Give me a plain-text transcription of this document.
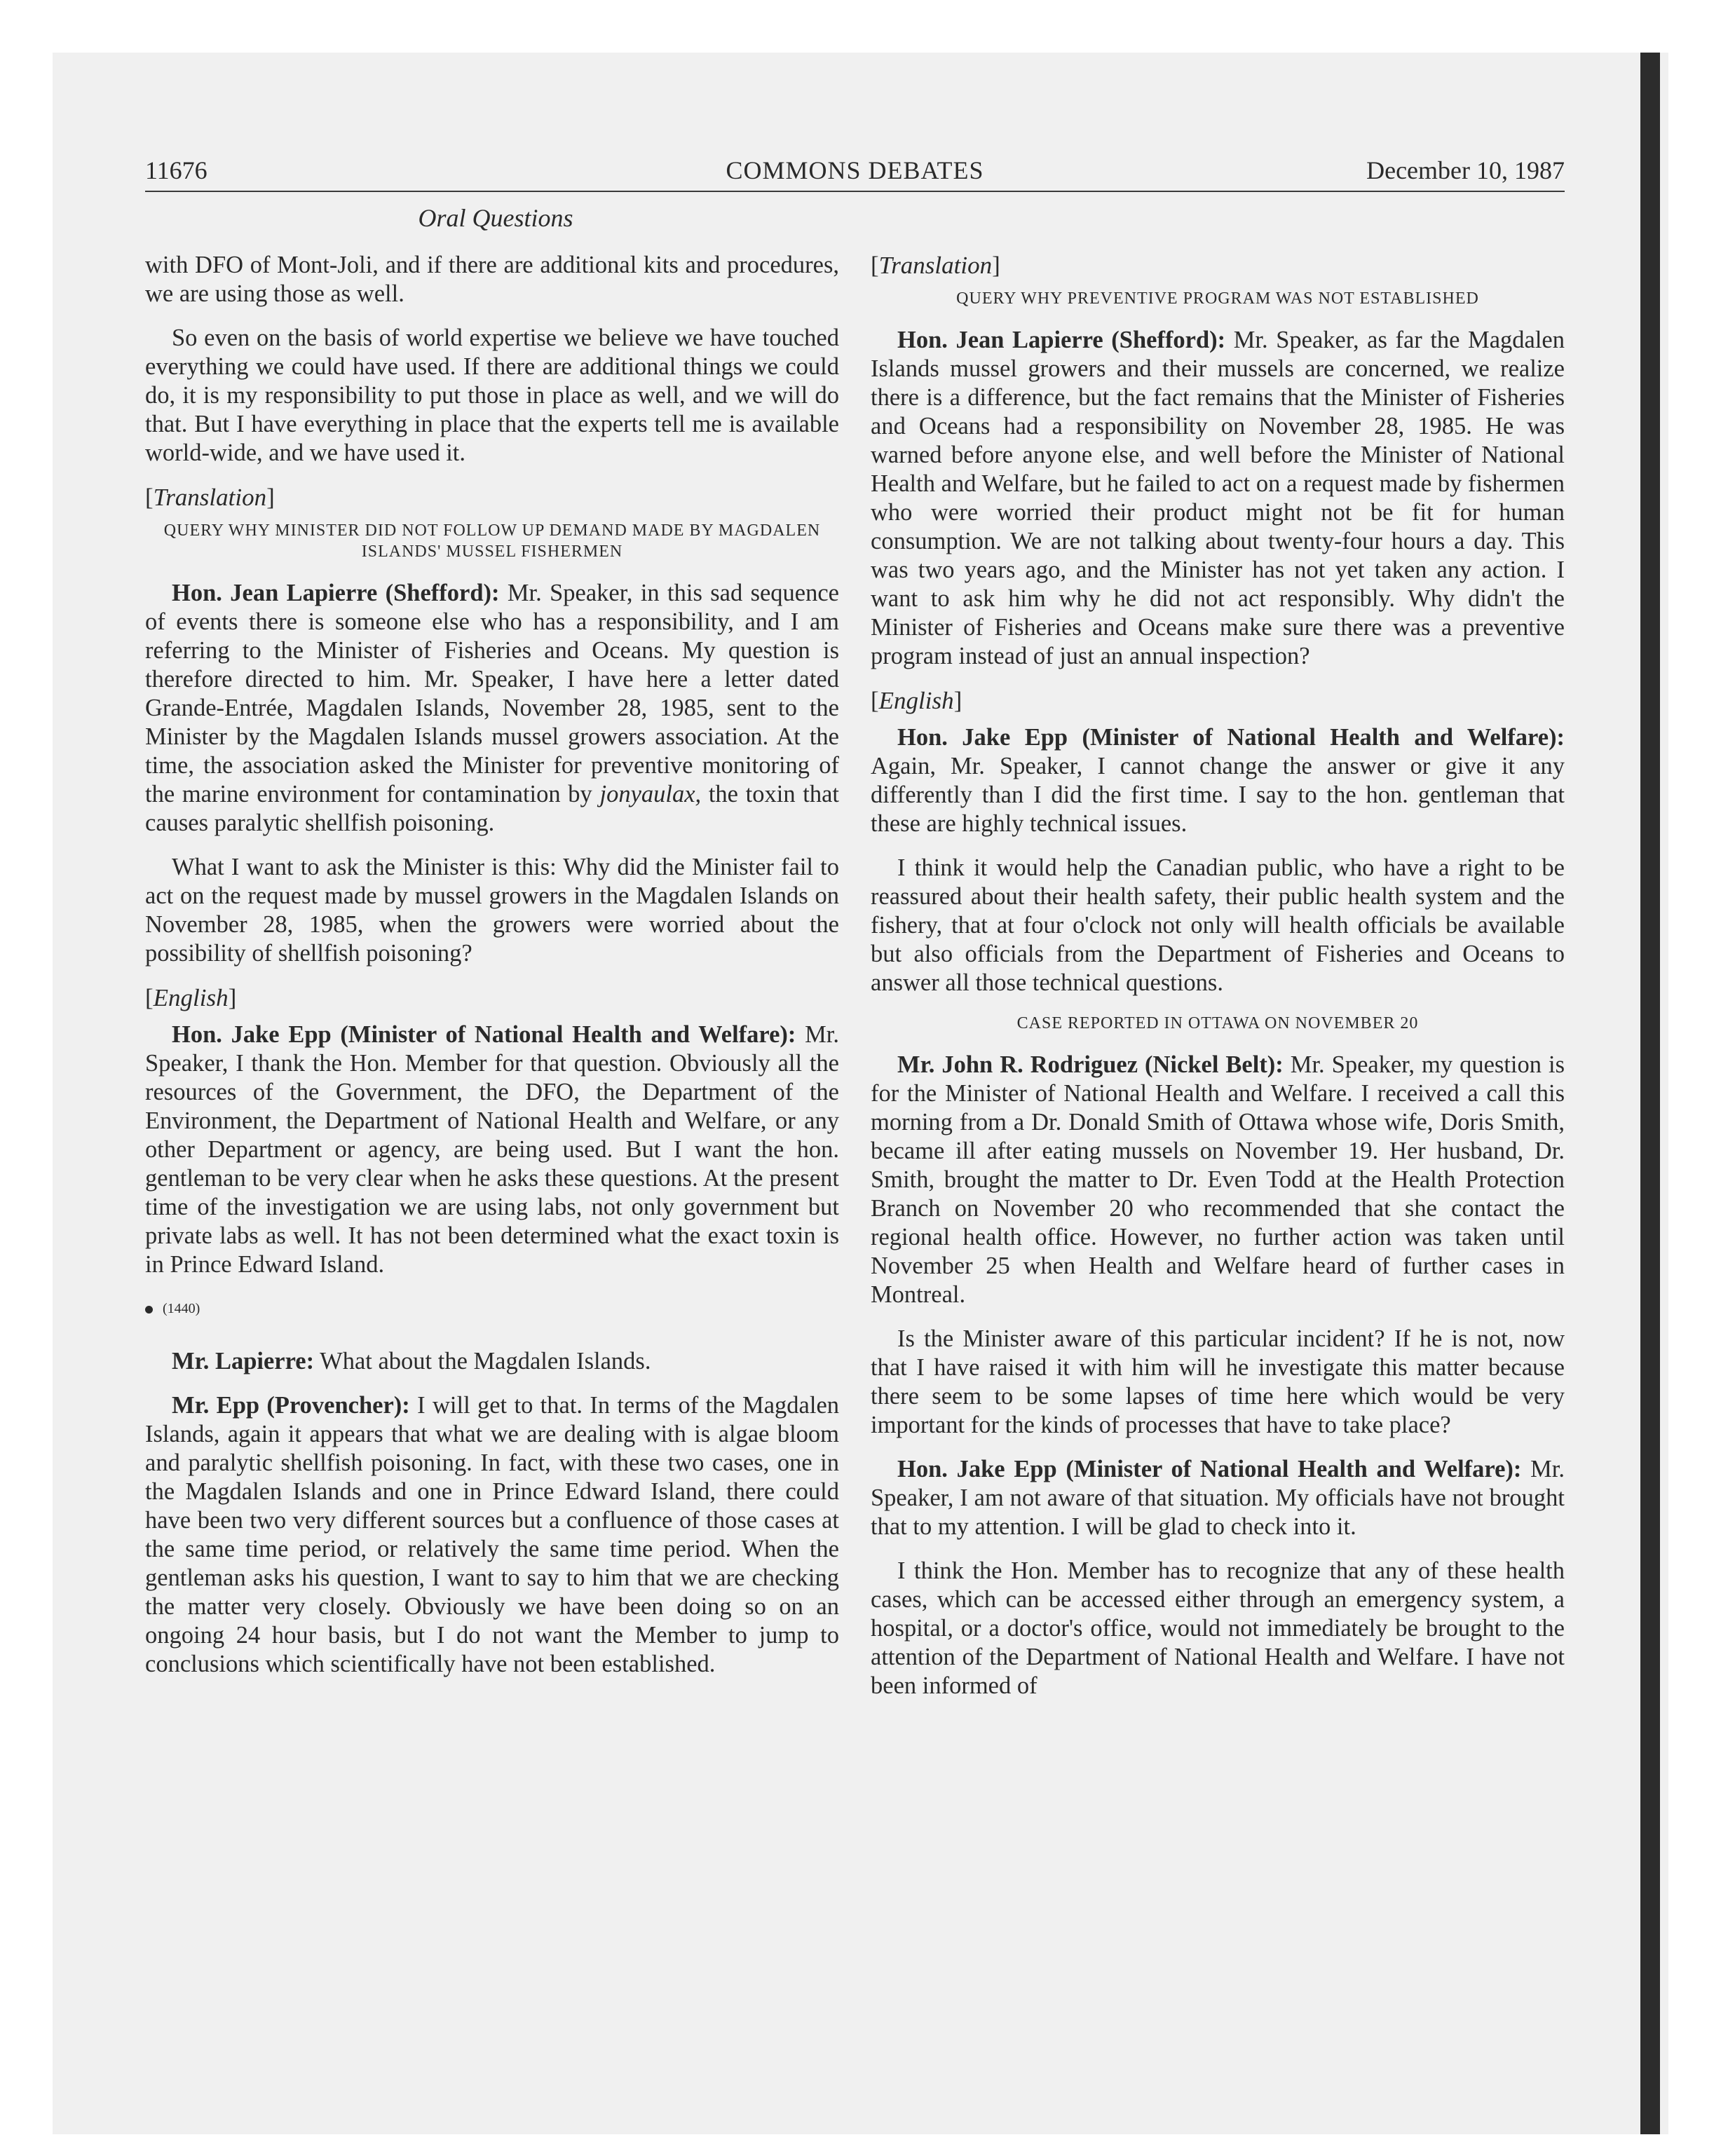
11676	COMMONS DEBATES	December 10, 1987
Oral Questions

with DFO of Mont-Joli, and if there are additional kits and procedures, we are using those as well.

So even on the basis of world expertise we believe we have touched everything we could have used. If there are additional things we could do, it is my responsibility to put those in place as well, and we will do that. But I have everything in place that the experts tell me is available world-wide, and we have used it.

[Translation]

QUERY WHY MINISTER DID NOT FOLLOW UP DEMAND MADE BY MAGDALEN ISLANDS' MUSSEL FISHERMEN

Hon. Jean Lapierre (Shefford): Mr. Speaker, in this sad sequence of events there is someone else who has a responsibility, and I am referring to the Minister of Fisheries and Oceans. My question is therefore directed to him. Mr. Speaker, I have here a letter dated Grande-Entrée, Magdalen Islands, November 28, 1985, sent to the Minister by the Magdalen Islands mussel growers association. At the time, the association asked the Minister for preventive monitoring of the marine environment for contamination by jonyaulax, the toxin that causes paralytic shellfish poisoning.

What I want to ask the Minister is this: Why did the Minister fail to act on the request made by mussel growers in the Magdalen Islands on November 28, 1985, when the growers were worried about the possibility of shellfish poisoning?

[English]

Hon. Jake Epp (Minister of National Health and Welfare): Mr. Speaker, I thank the Hon. Member for that question. Obviously all the resources of the Government, the DFO, the Department of the Environment, the Department of National Health and Welfare, or any other Department or agency, are being used. But I want the hon. gentleman to be very clear when he asks these questions. At the present time of the investigation we are using labs, not only government but private labs as well. It has not been determined what the exact toxin is in Prince Edward Island.

(1440)

Mr. Lapierre: What about the Magdalen Islands.

Mr. Epp (Provencher): I will get to that. In terms of the Magdalen Islands, again it appears that what we are dealing with is algae bloom and paralytic shellfish poisoning. In fact, with these two cases, one in the Magdalen Islands and one in Prince Edward Island, there could have been two very different sources but a confluence of those cases at the same time period, or relatively the same time period. When the gentleman asks his question, I want to say to him that we are checking the matter very closely. Obviously we have been doing so on an ongoing 24 hour basis, but I do not want the Member to jump to conclusions which scientifically have not been established.

[Translation]

QUERY WHY PREVENTIVE PROGRAM WAS NOT ESTABLISHED

Hon. Jean Lapierre (Shefford): Mr. Speaker, as far the Magdalen Islands mussel growers and their mussels are concerned, we realize there is a difference, but the fact remains that the Minister of Fisheries and Oceans had a responsibility on November 28, 1985. He was warned before anyone else, and well before the Minister of National Health and Welfare, but he failed to act on a request made by fishermen who were worried their product might not be fit for human consumption. We are not talking about twenty-four hours a day. This was two years ago, and the Minister has not yet taken any action. I want to ask him why he did not act responsibly. Why didn't the Minister of Fisheries and Oceans make sure there was a preventive program instead of just an annual inspection?

[English]

Hon. Jake Epp (Minister of National Health and Welfare): Again, Mr. Speaker, I cannot change the answer or give it any differently than I did the first time. I say to the hon. gentleman that these are highly technical issues.

I think it would help the Canadian public, who have a right to be reassured about their health safety, their public health system and the fishery, that at four o'clock not only will health officials be available but also officials from the Department of Fisheries and Oceans to answer all those technical questions.

CASE REPORTED IN OTTAWA ON NOVEMBER 20

Mr. John R. Rodriguez (Nickel Belt): Mr. Speaker, my question is for the Minister of National Health and Welfare. I received a call this morning from a Dr. Donald Smith of Ottawa whose wife, Doris Smith, became ill after eating mussels on November 19. Her husband, Dr. Smith, brought the matter to Dr. Even Todd at the Health Protection Branch on November 20 who recommended that she contact the regional health office. However, no further action was taken until November 25 when Health and Welfare heard of further cases in Montreal.

Is the Minister aware of this particular incident? If he is not, now that I have raised it with him will he investigate this matter because there seem to be some lapses of time here which would be very important for the kinds of processes that have to take place?

Hon. Jake Epp (Minister of National Health and Welfare): Mr. Speaker, I am not aware of that situation. My officials have not brought that to my attention. I will be glad to check into it.

I think the Hon. Member has to recognize that any of these health cases, which can be accessed either through an emergency system, a hospital, or a doctor's office, would not immediately be brought to the attention of the Department of National Health and Welfare. I have not been informed of
